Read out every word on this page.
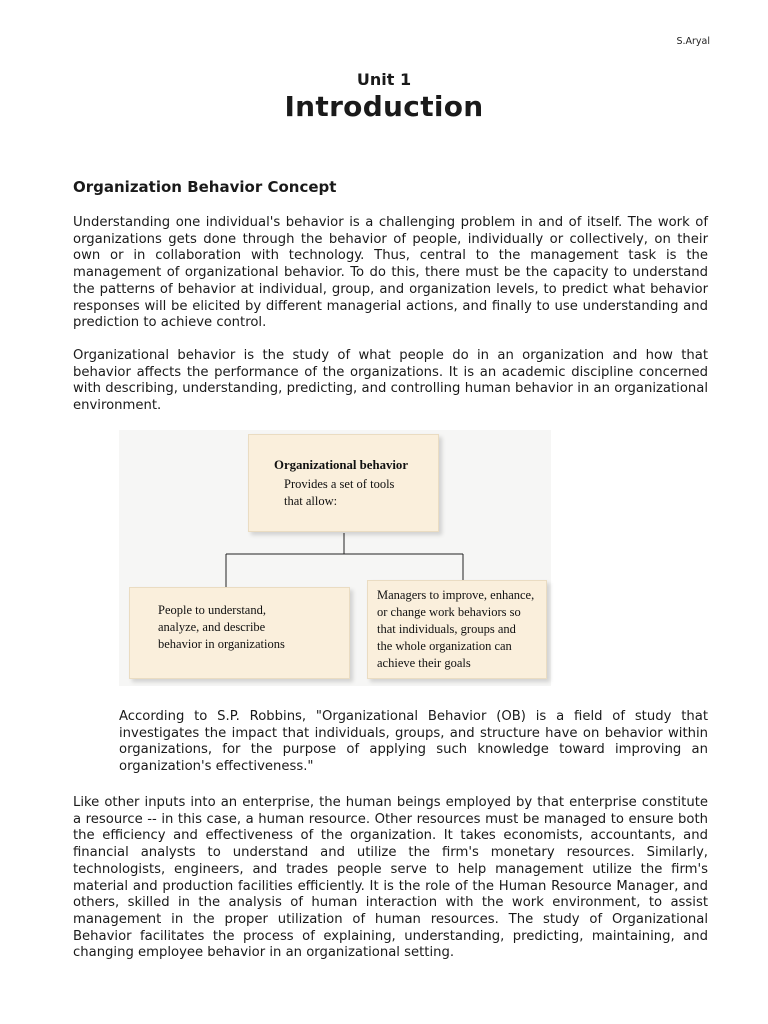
S.Aryal
Unit 1
Introduction
Organization Behavior Concept

Understanding one individual's behavior is a challenging problem in and of itself. The work of organizations gets done through the behavior of people, individually or collectively, on their own or in collaboration with technology. Thus, central to the management task is the management of organizational behavior. To do this, there must be the capacity to understand the patterns of behavior at individual, group, and organization levels, to predict what behavior responses will be elicited by different managerial actions, and finally to use understanding and prediction to achieve control.

Organizational behavior is the study of what people do in an organization and how that behavior affects the performance of the organizations. It is an academic discipline concerned with describing, understanding, predicting, and controlling human behavior in an organizational environment.

Organizational behavior
Provides a set of tools
that allow:
People to understand,
analyze, and describe
behavior in organizations
Managers to improve, enhance,
or change work behaviors so
that individuals, groups and
the whole organization can
achieve their goals

According to S.P. Robbins, "Organizational Behavior (OB) is a field of study that investigates the impact that individuals, groups, and structure have on behavior within organizations, for the purpose of applying such knowledge toward improving an organization's effectiveness."

Like other inputs into an enterprise, the human beings employed by that enterprise constitute a resource -- in this case, a human resource. Other resources must be managed to ensure both the efficiency and effectiveness of the organization. It takes economists, accountants, and financial analysts to understand and utilize the firm's monetary resources. Similarly, technologists, engineers, and trades people serve to help management utilize the firm's material and production facilities efficiently. It is the role of the Human Resource Manager, and others, skilled in the analysis of human interaction with the work environment, to assist management in the proper utilization of human resources. The study of Organizational Behavior facilitates the process of explaining, understanding, predicting, maintaining, and changing employee behavior in an organizational setting.
